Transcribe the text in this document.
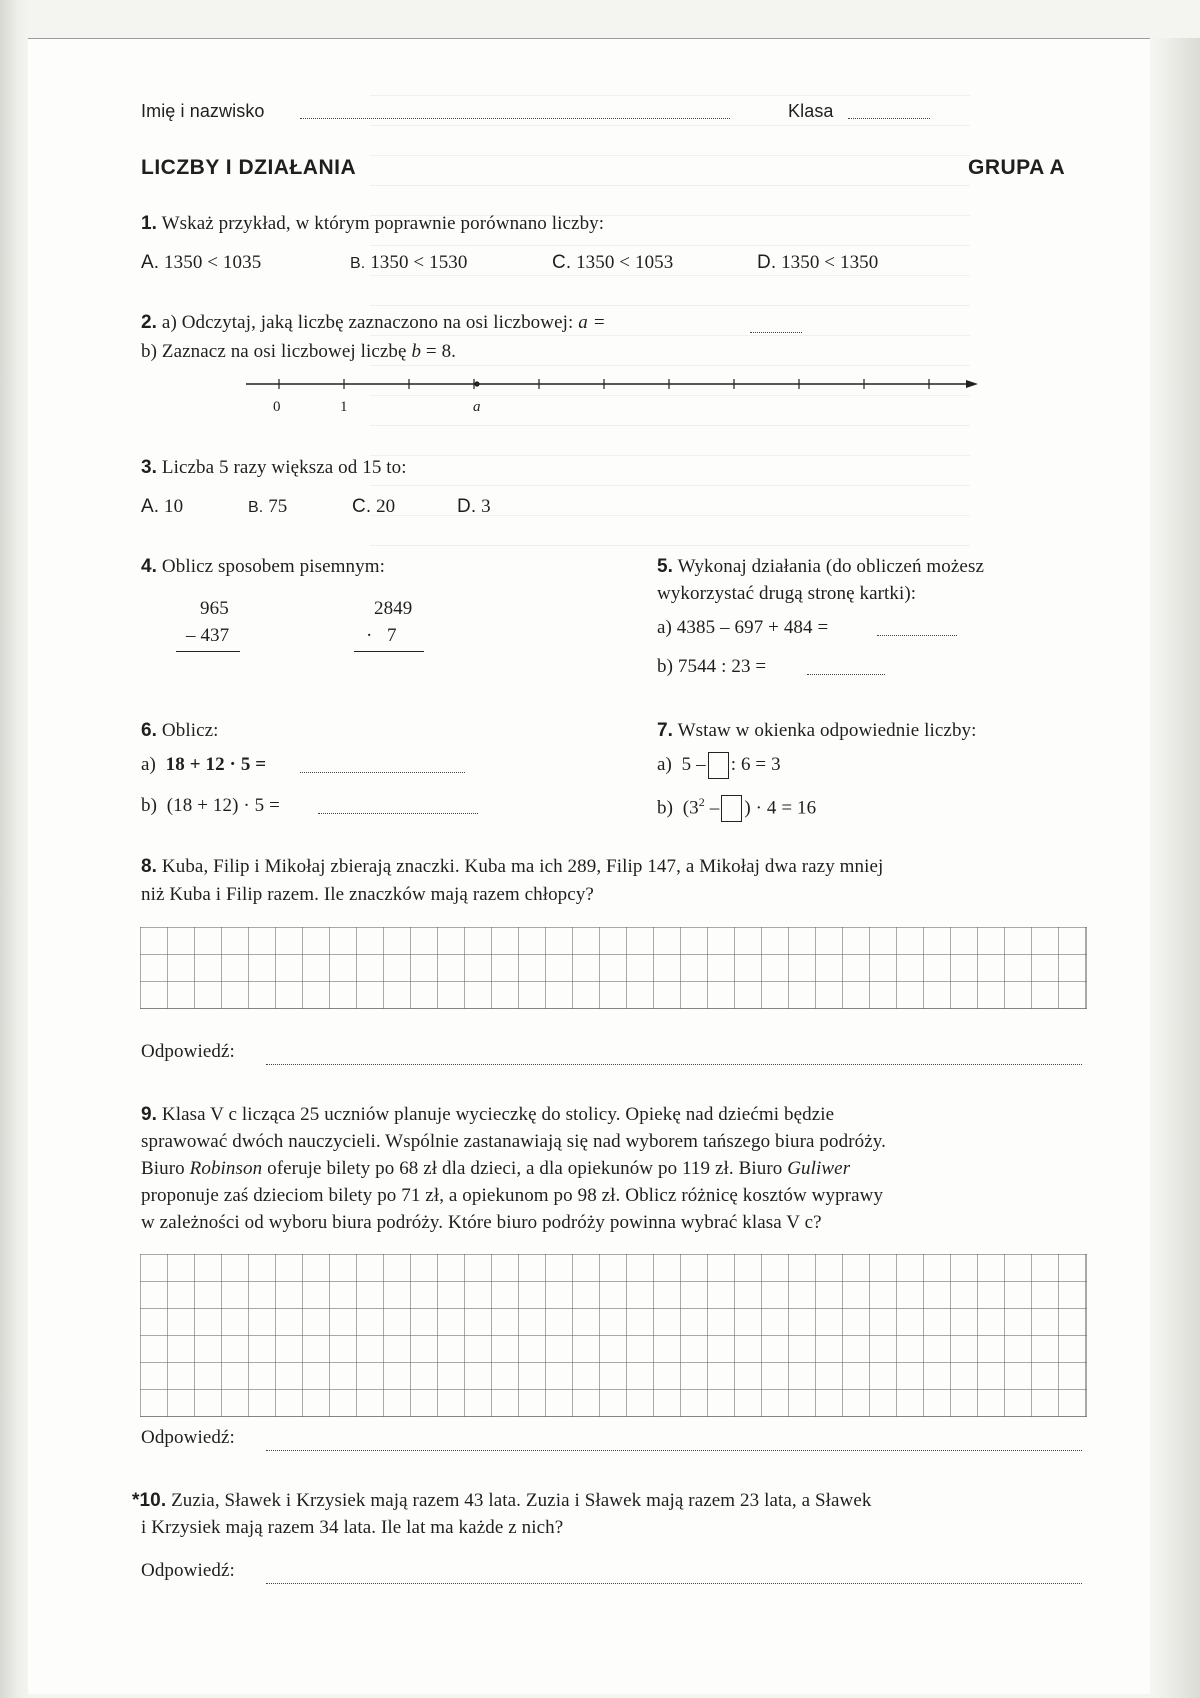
Imię i nazwisko	Klasa
LICZBY I DZIAŁANIA	GRUPA A
1. Wskaż przykład, w którym poprawnie porównano liczby:
A. 1350 < 1035	B. 1350 < 1530	C. 1350 < 1053	D. 1350 < 1350
2. a) Odczytaj, jaką liczbę zaznaczono na osi liczbowej: a =
b) Zaznacz na osi liczbowej liczbę b = 8.
0	1	a
3. Liczba 5 razy większa od 15 to:
A. 10	B. 75	C. 20	D. 3
4. Oblicz sposobem pisemnym:
965
– 437
2849
·   7
5. Wykonaj działania (do obliczeń możesz
wykorzystać drugą stronę kartki):
a) 4385 – 697 + 484 =
b) 7544 : 23 =
6. Oblicz:
a) 18 + 12 · 5 =
b) (18 + 12) · 5 =
7. Wstaw w okienka odpowiednie liczby:
a) 5 – : 6 = 3
b) ($3^2$ – ) · 4 = 16
8. Kuba, Filip i Mikołaj zbierają znaczki. Kuba ma ich 289, Filip 147, a Mikołaj dwa razy mniej
niż Kuba i Filip razem. Ile znaczków mają razem chłopcy?
Odpowiedź:
9. Klasa V c licząca 25 uczniów planuje wycieczkę do stolicy. Opiekę nad dziećmi będzie
sprawować dwóch nauczycieli. Wspólnie zastanawiają się nad wyborem tańszego biura podróży.
Biuro Robinson oferuje bilety po 68 zł dla dzieci, a dla opiekunów po 119 zł. Biuro Guliwer
proponuje zaś dzieciom bilety po 71 zł, a opiekunom po 98 zł. Oblicz różnicę kosztów wyprawy
w zależności od wyboru biura podróży. Które biuro podróży powinna wybrać klasa V c?
Odpowiedź:
*10. Zuzia, Sławek i Krzysiek mają razem 43 lata. Zuzia i Sławek mają razem 23 lata, a Sławek
i Krzysiek mają razem 34 lata. Ile lat ma każde z nich?
Odpowiedź:
